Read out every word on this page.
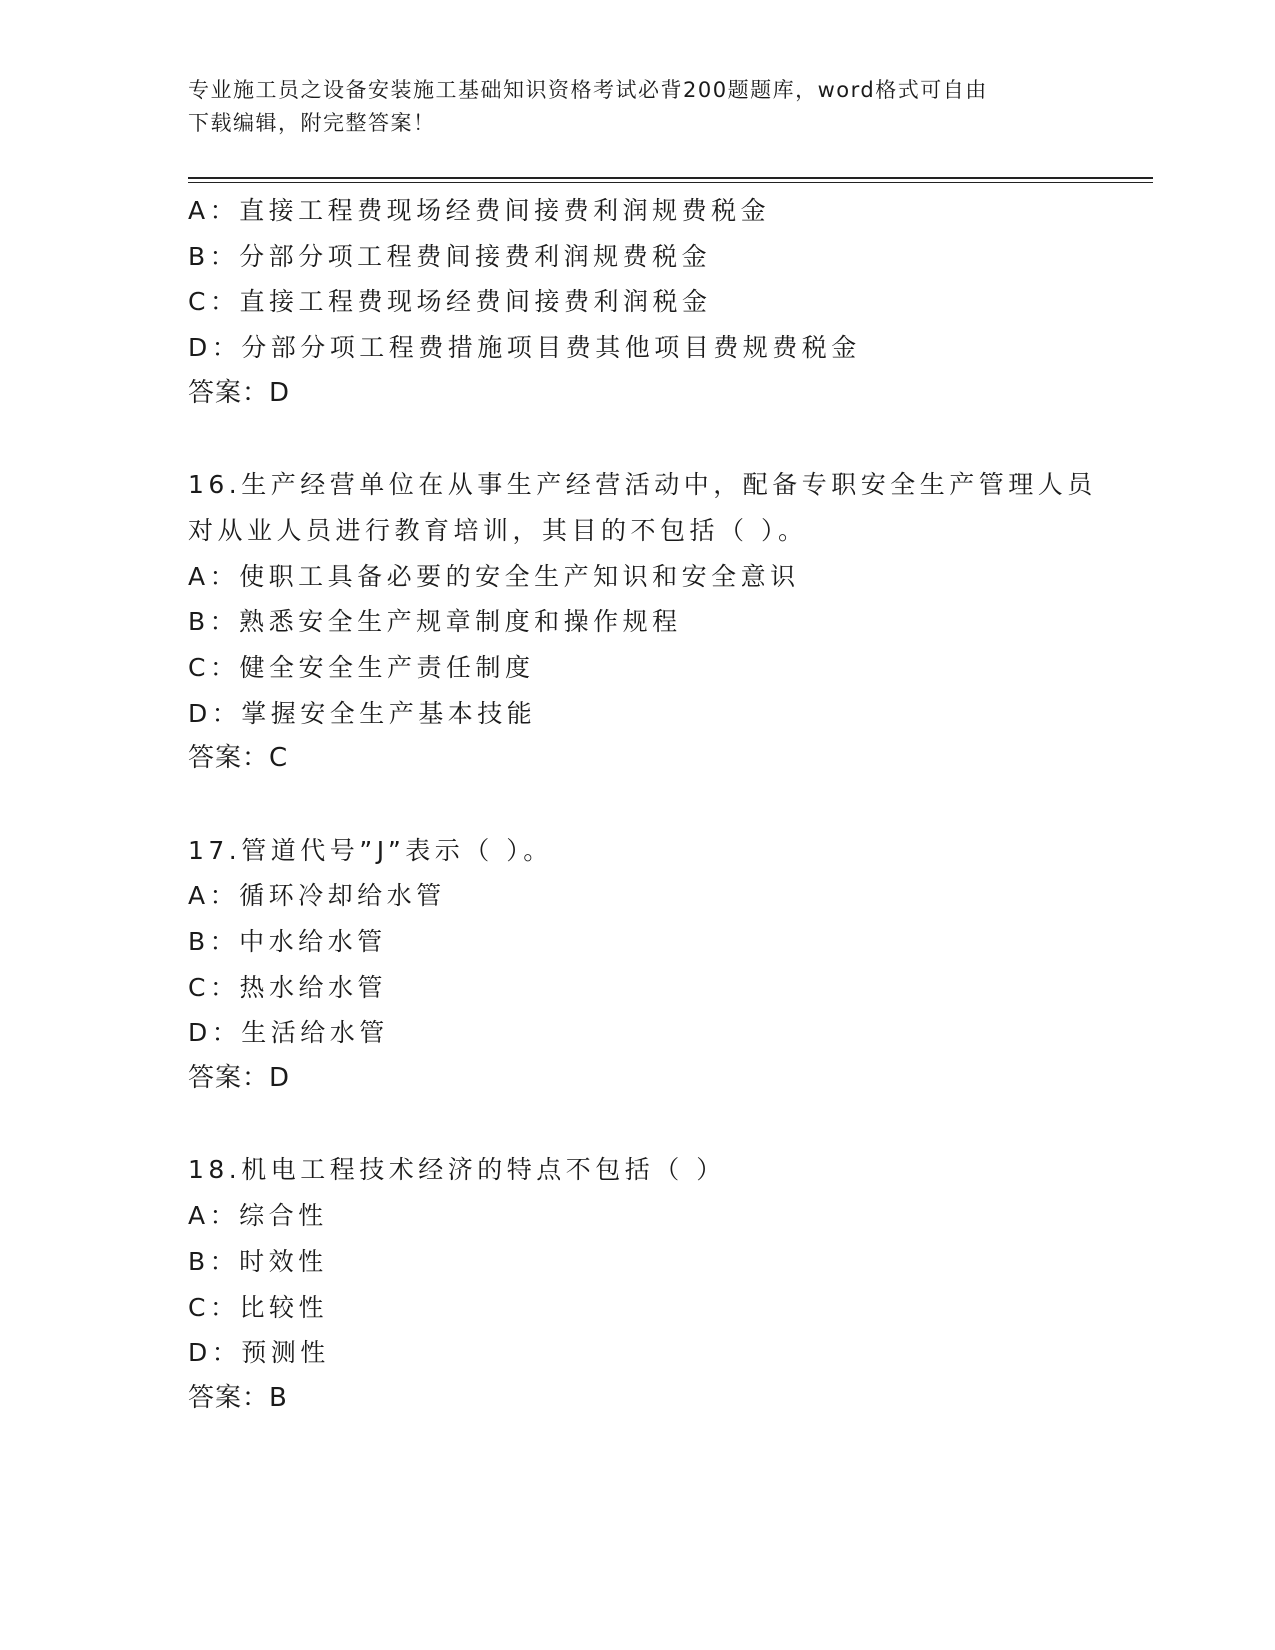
专业施工员之设备安装施工基础知识资格考试必背200题题库，word格式可自由
下载编辑，附完整答案！
A：直接工程费现场经费间接费利润规费税金
B：分部分项工程费间接费利润规费税金
C：直接工程费现场经费间接费利润税金
D：分部分项工程费措施项目费其他项目费规费税金
答案：D
16.生产经营单位在从事生产经营活动中，配备专职安全生产管理人员
对从业人员进行教育培训，其目的不包括（ ）。
A：使职工具备必要的安全生产知识和安全意识
B：熟悉安全生产规章制度和操作规程
C：健全安全生产责任制度
D：掌握安全生产基本技能
答案：C
17.管道代号”J”表示（ ）。
A：循环冷却给水管
B：中水给水管
C：热水给水管
D：生活给水管
答案：D
18.机电工程技术经济的特点不包括（ ）
A：综合性
B：时效性
C：比较性
D：预测性
答案：B
